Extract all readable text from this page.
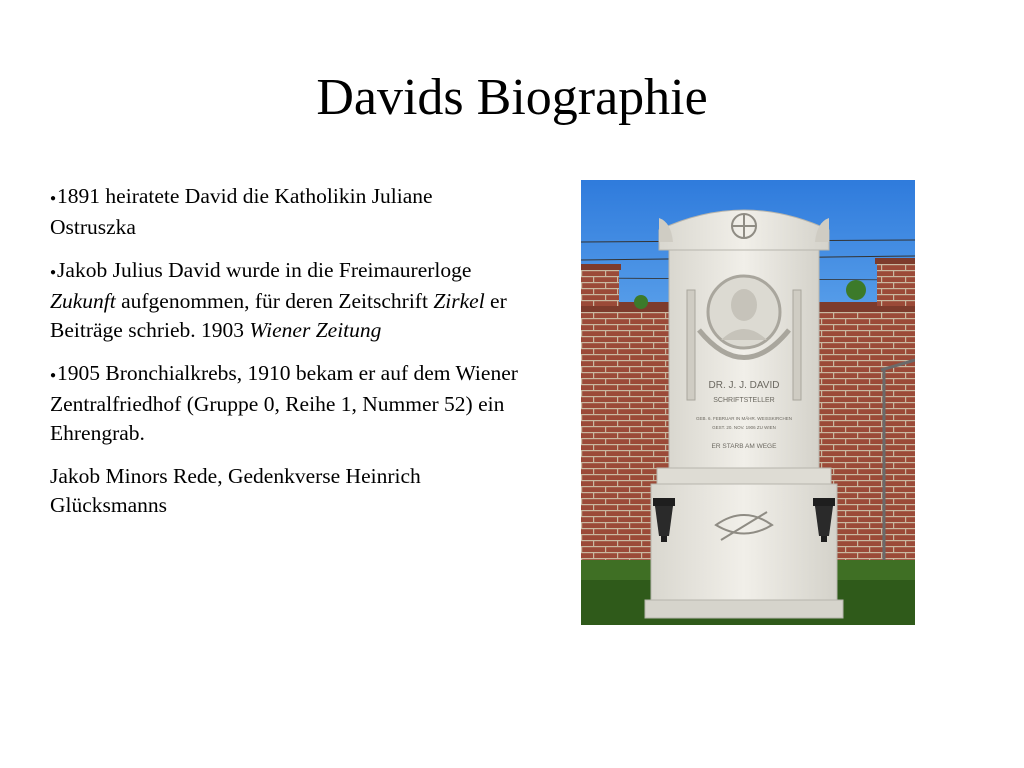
Davids Biographie
●1891 heiratete David die Katholikin Juliane Ostruszka
●Jakob Julius David wurde in die Freimaurerloge Zukunft aufgenommen, für deren Zeitschrift Zirkel er Beiträge schrieb. 1903 Wiener Zeitung
●1905 Bronchialkrebs, 1910 bekam er auf dem Wiener Zentralfriedhof (Gruppe 0, Reihe 1, Nummer 52) ein Ehrengrab.
Jakob Minors Rede, Gedenkverse Heinrich Glücksmanns
DR. J. J. DAVID
SCHRIFTSTELLER
GEB. 6. FEBRUAR IN MÄHR. WEISSKIRCHEN
GEST. 20. NOV. 1906 ZU WIEN
ER STARB AM WEGE
